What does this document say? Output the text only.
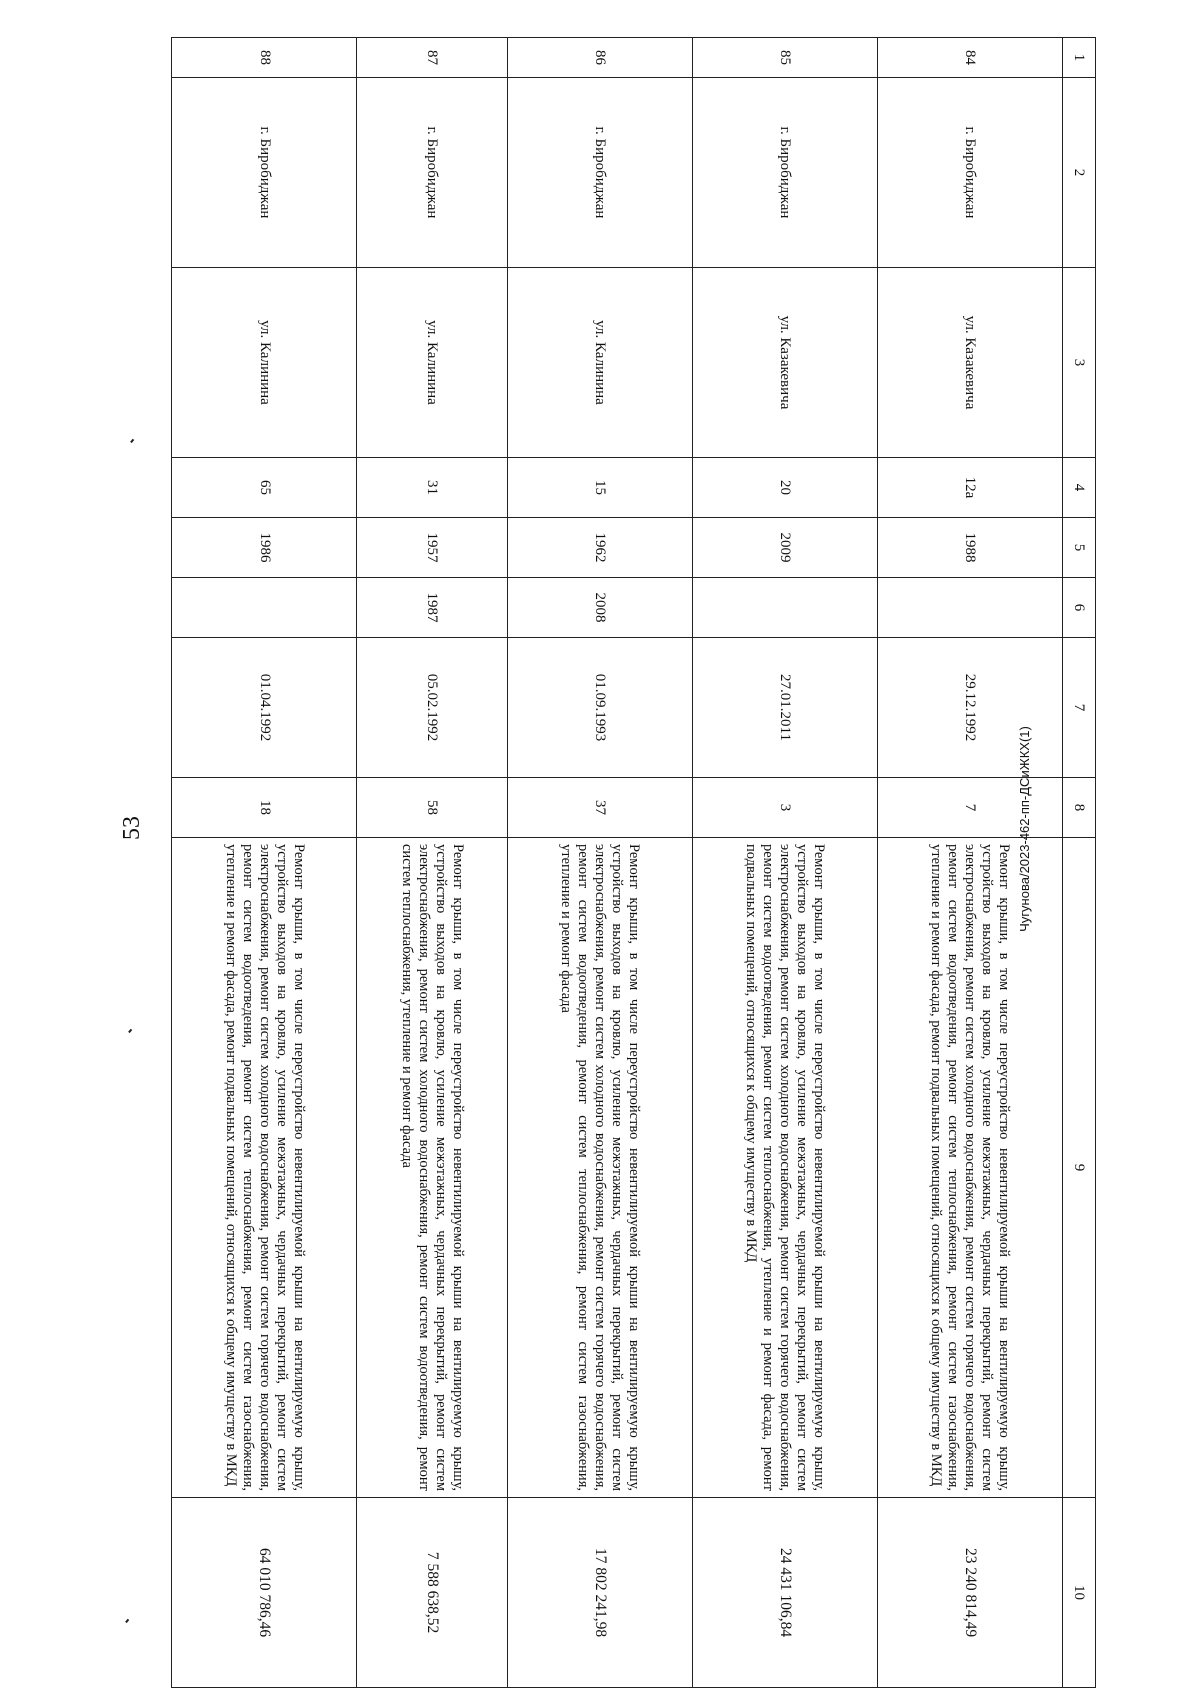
53	Чугунова/2023-462-пп-ДСиЖКХ(1)
1	2	3	4	5	6	7	8	9	10
84	г. Биробиджан	ул. Казакевича	12а	1988		29.12.1992	7	Ремонт крыши, в том числе переустройство невентилируемой крыши на вентилируемую крышу, устройство выходов на кровлю, усиление межэтажных, чердачных перекрытий, ремонт систем электроснабжения, ремонт систем холодного водоснабжения, ремонт систем горячего водоснабжения, ремонт систем водоотведения, ремонт систем теплоснабжения, ремонт систем газоснабжения, утепление и ремонт фасада, ремонт подвальных помещений, относящихся к общему имуществу в МКД	23 240 814,49
85	г. Биробиджан	ул. Казакевича	20	2009		27.01.2011	3	Ремонт крыши, в том числе переустройство невентилируемой крыши на вентилируемую крышу, устройство выходов на кровлю, усиление межэтажных, чердачных перекрытий, ремонт систем электроснабжения, ремонт систем холодного водоснабжения, ремонт систем горячего водоснабжения, ремонт систем водоотведения, ремонт систем теплоснабжения, утепление и ремонт фасада, ремонт подвальных помещений, относящихся к общему имуществу в МКД	24 431 106,84
86	г. Биробиджан	ул. Калинина	15	1962	2008	01.09.1993	37	Ремонт крыши, в том числе переустройство невентилируемой крыши на вентилируемую крышу, устройство выходов на кровлю, усиление межэтажных, чердачных перекрытий, ремонт систем электроснабжения, ремонт систем холодного водоснабжения, ремонт систем горячего водоснабжения, ремонт систем водоотведения, ремонт систем теплоснабжения, ремонт систем газоснабжения, утепление и ремонт фасада	17 802 241,98
87	г. Биробиджан	ул. Калинина	31	1957	1987	05.02.1992	58	Ремонт крыши, в том числе переустройство невентилируемой крыши на вентилируемую крышу, устройство выходов на кровлю, усиление межэтажных, чердачных перекрытий, ремонт систем электроснабжения, ремонт систем холодного водоснабжения, ремонт систем водоотведения, ремонт систем теплоснабжения, утепление и ремонт фасада	7 588 638,52
88	г. Биробиджан	ул. Калинина	65	1986		01.04.1992	18	Ремонт крыши, в том числе переустройство невентилируемой крыши на вентилируемую крышу, устройство выходов на кровлю, усиление межэтажных, чердачных перекрытий, ремонт систем электроснабжения, ремонт систем холодного водоснабжения, ремонт систем горячего водоснабжения, ремонт систем водоотведения, ремонт систем теплоснабжения, ремонт систем газоснабжения, утепление и ремонт фасада, ремонт подвальных помещений, относящихся к общему имуществу в МКД	64 010 786,46
